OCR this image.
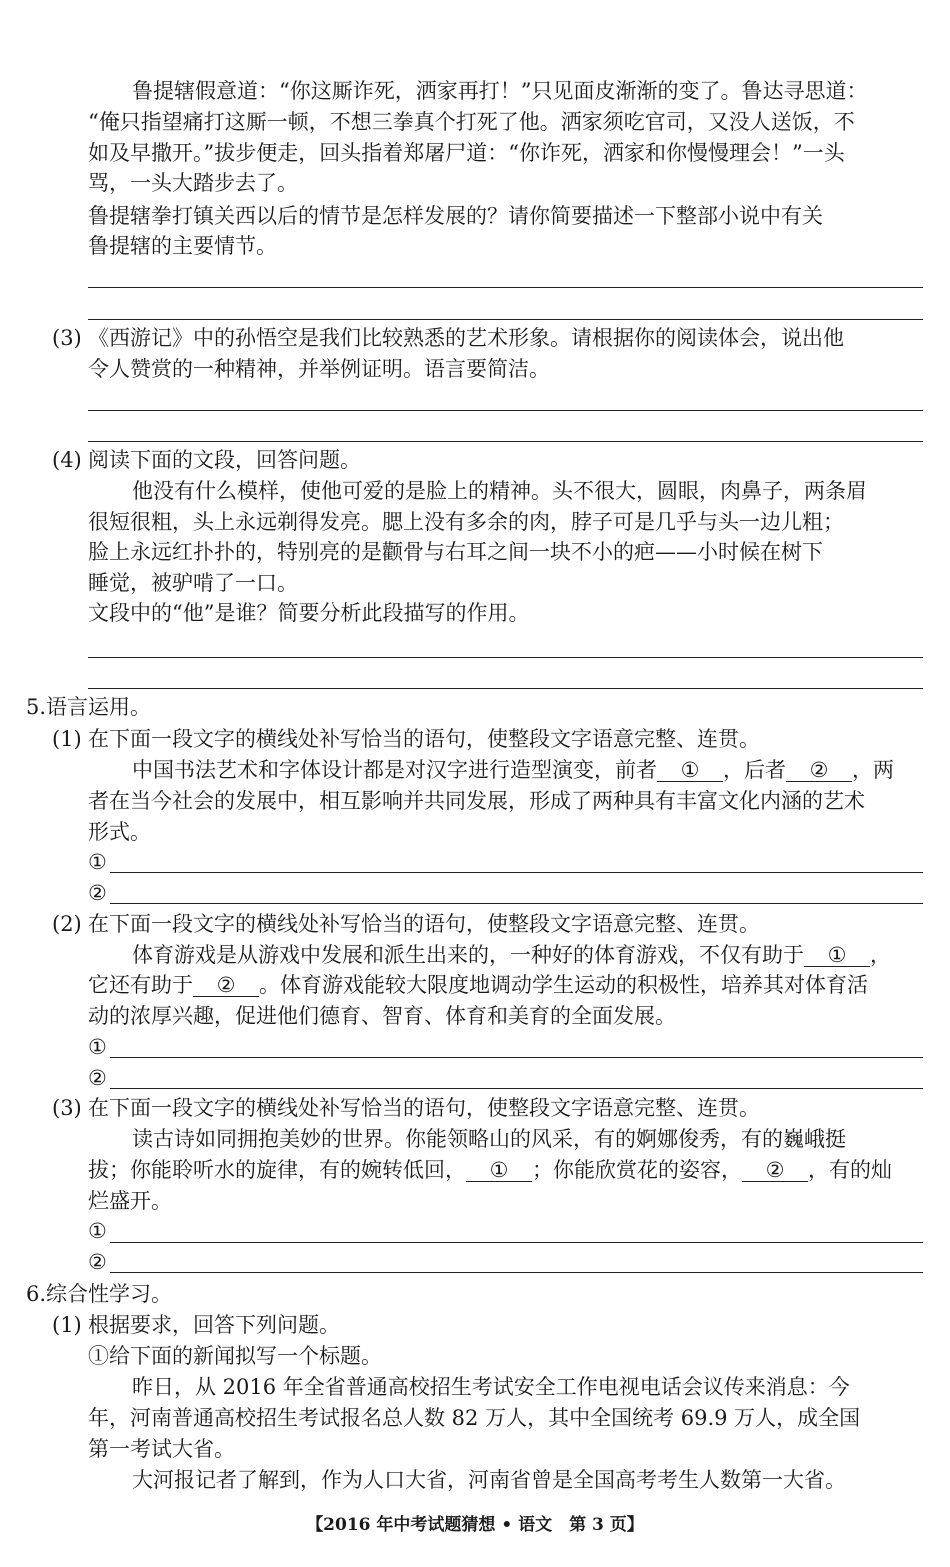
鲁提辖假意道：“你这厮诈死，洒家再打！”只见面皮渐渐的变了。鲁达寻思道：

“俺只指望痛打这厮一顿，不想三拳真个打死了他。洒家须吃官司，又没人送饭，不

如及早撒开。”拔步便走，回头指着郑屠尸道：“你诈死，洒家和你慢慢理会！”一头

骂，一头大踏步去了。

鲁提辖拳打镇关西以后的情节是怎样发展的？请你简要描述一下整部小说中有关

鲁提辖的主要情节。

(3) 《西游记》中的孙悟空是我们比较熟悉的艺术形象。请根据你的阅读体会，说出他

令人赞赏的一种精神，并举例证明。语言要简洁。

(4) 阅读下面的文段，回答问题。

他没有什么模样，使他可爱的是脸上的精神。头不很大，圆眼，肉鼻子，两条眉

很短很粗，头上永远剃得发亮。腮上没有多余的肉，脖子可是几乎与头一边儿粗；

脸上永远红扑扑的，特别亮的是颧骨与右耳之间一块不小的疤——小时候在树下

睡觉，被驴啃了一口。

文段中的“他”是谁？简要分析此段描写的作用。

5.语言运用。

(1) 在下面一段文字的横线处补写恰当的语句，使整段文字语意完整、连贯。

中国书法艺术和字体设计都是对汉字进行造型演变，前者 ① ，后者 ② ，两

者在当今社会的发展中，相互影响并共同发展，形成了两种具有丰富文化内涵的艺术

形式。

①

②

(2) 在下面一段文字的横线处补写恰当的语句，使整段文字语意完整、连贯。

体育游戏是从游戏中发展和派生出来的，一种好的体育游戏，不仅有助于 ① ，

它还有助于 ② 。体育游戏能较大限度地调动学生运动的积极性，培养其对体育活

动的浓厚兴趣，促进他们德育、智育、体育和美育的全面发展。

①

②

(3) 在下面一段文字的横线处补写恰当的语句，使整段文字语意完整、连贯。

读古诗如同拥抱美妙的世界。你能领略山的风采，有的婀娜俊秀，有的巍峨挺

拔；你能聆听水的旋律，有的婉转低回， ① ；你能欣赏花的姿容， ② ，有的灿

烂盛开。

①

②

6.综合性学习。

(1) 根据要求，回答下列问题。

①给下面的新闻拟写一个标题。

昨日，从 2016 年全省普通高校招生考试安全工作电视电话会议传来消息：今

年，河南普通高校招生考试报名总人数 82 万人，其中全国统考 69.9 万人，成全国

第一考试大省。

大河报记者了解到，作为人口大省，河南省曾是全国高考考生人数第一大省。

【2016 年中考试题猜想 • 语文　第 3 页】
